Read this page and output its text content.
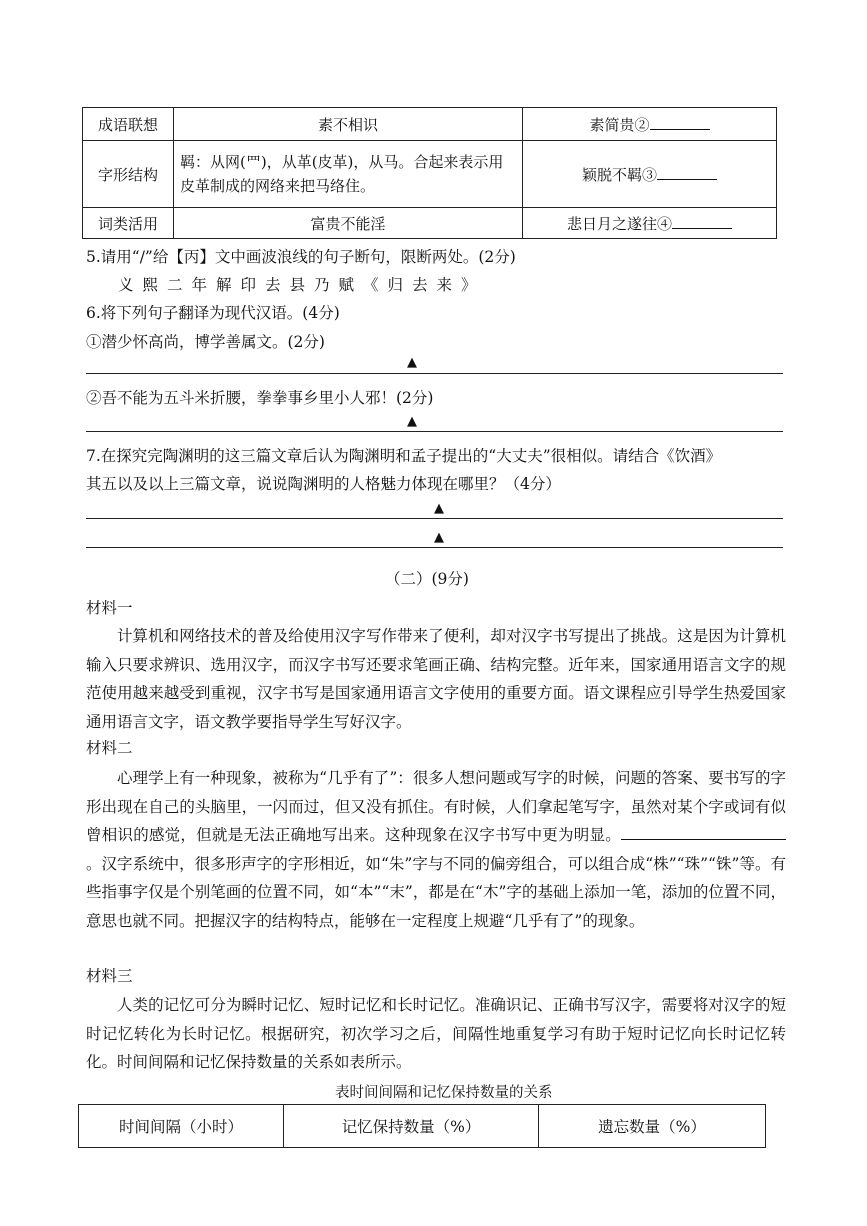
成语联想	素不相识	素简贵②
字形结构	羁：从网(罒)，从革(皮革)，从马。合起来表示用皮革制成的网络来把马络住。	颖脱不羁③
词类活用	富贵不能淫	悲日月之遂往④
5.请用“/”给【丙】文中画波浪线的句子断句，限断两处。(2分)
义熙二年解印去县乃赋《归去来》
6.将下列句子翻译为现代汉语。(4分)
①潜少怀高尚，博学善属文。(2分)
▲
②吾不能为五斗米折腰，拳拳事乡里小人邪！(2分)
▲
7.在探究完陶渊明的这三篇文章后认为陶渊明和孟子提出的“大丈夫”很相似。请结合《饮酒》
其五以及以上三篇文章，说说陶渊明的人格魅力体现在哪里？（4分）
▲
▲
（二）(9分)
材料一
计算机和网络技术的普及给使用汉字写作带来了便利，却对汉字书写提出了挑战。这是因为计算机输入只要求辨识、选用汉字，而汉字书写还要求笔画正确、结构完整。近年来，国家通用语言文字的规范使用越来越受到重视，汉字书写是国家通用语言文字使用的重要方面。语文课程应引导学生热爱国家通用语言文字，语文教学要指导学生写好汉字。
材料二
心理学上有一种现象，被称为“几乎有了”：很多人想问题或写字的时候，问题的答案、要书写的字形出现在自己的头脑里，一闪而过，但又没有抓住。有时候，人们拿起笔写字，虽然对某个字或词有似曾相识的感觉，但就是无法正确地写出来。这种现象在汉字书写中更为明显。。汉字系统中，很多形声字的字形相近，如“朱”字与不同的偏旁组合，可以组合成“株”“珠”“铢”等。有些指事字仅是个别笔画的位置不同，如“本”“末”，都是在“木”字的基础上添加一笔，添加的位置不同，意思也就不同。把握汉字的结构特点，能够在一定程度上规避“几乎有了”的现象。
材料三
人类的记忆可分为瞬时记忆、短时记忆和长时记忆。准确识记、正确书写汉字，需要将对汉字的短时记忆转化为长时记忆。根据研究，初次学习之后，间隔性地重复学习有助于短时记忆向长时记忆转化。时间间隔和记忆保持数量的关系如表所示。
表时间间隔和记忆保持数量的关系
时间间隔（小时）	记忆保持数量（%）	遗忘数量（%）
